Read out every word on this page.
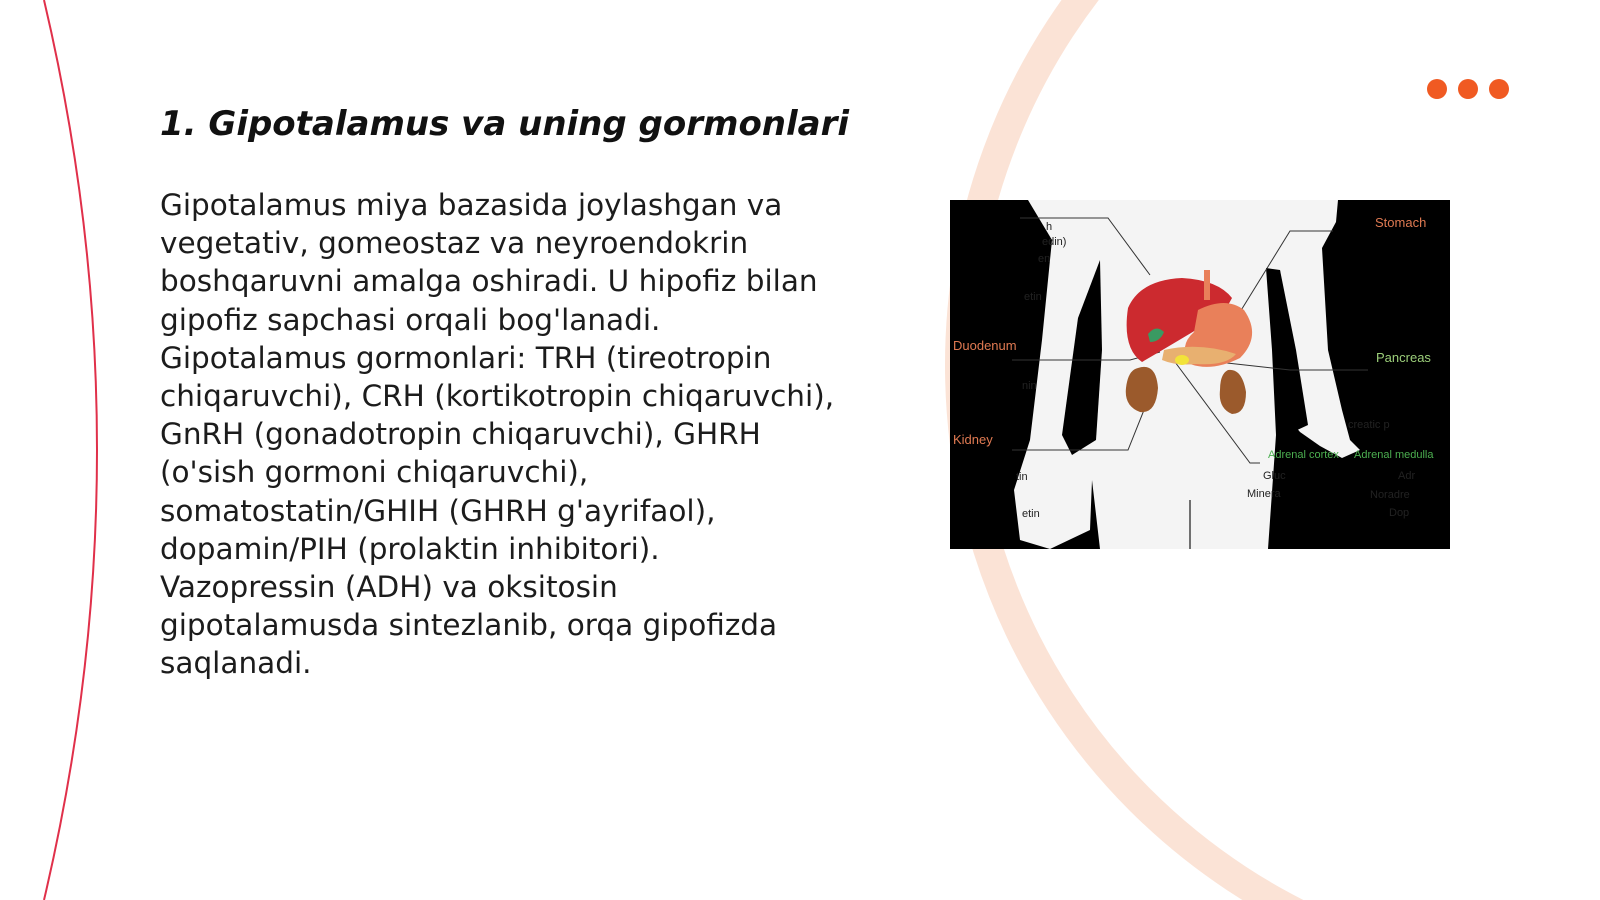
1. Gipotalamus va uning gormonlari

Gipotalamus miya bazasida joylashgan va
vegetativ, gomeostaz va neyroendokrin
boshqaruvni amalga oshiradi. U hipofiz bilan
gipofiz sapchasi orqali bog'lanadi.
Gipotalamus gormonlari: TRH (tireotropin
chiqaruvchi), CRH (kortikotropin chiqaruvchi),
GnRH (gonadotropin chiqaruvchi), GHRH
(o'sish gormoni chiqaruvchi),
somatostatin/GHIH (GHRH g'ayrifaol),
dopamin/PIH (prolaktin inhibitori).
Vazopressin (ADH) va oksitosin
gipotalamusda sintezlanib, orqa gipofizda
saqlanadi.

Stomach
Duodenum
Pancreas
Kidney
Adrenal cortex Adrenal medulla
h
edin)
en
etin
nin
tin
etin
creatic p
Adr
Noradre
Dop
Gluc
Minera
